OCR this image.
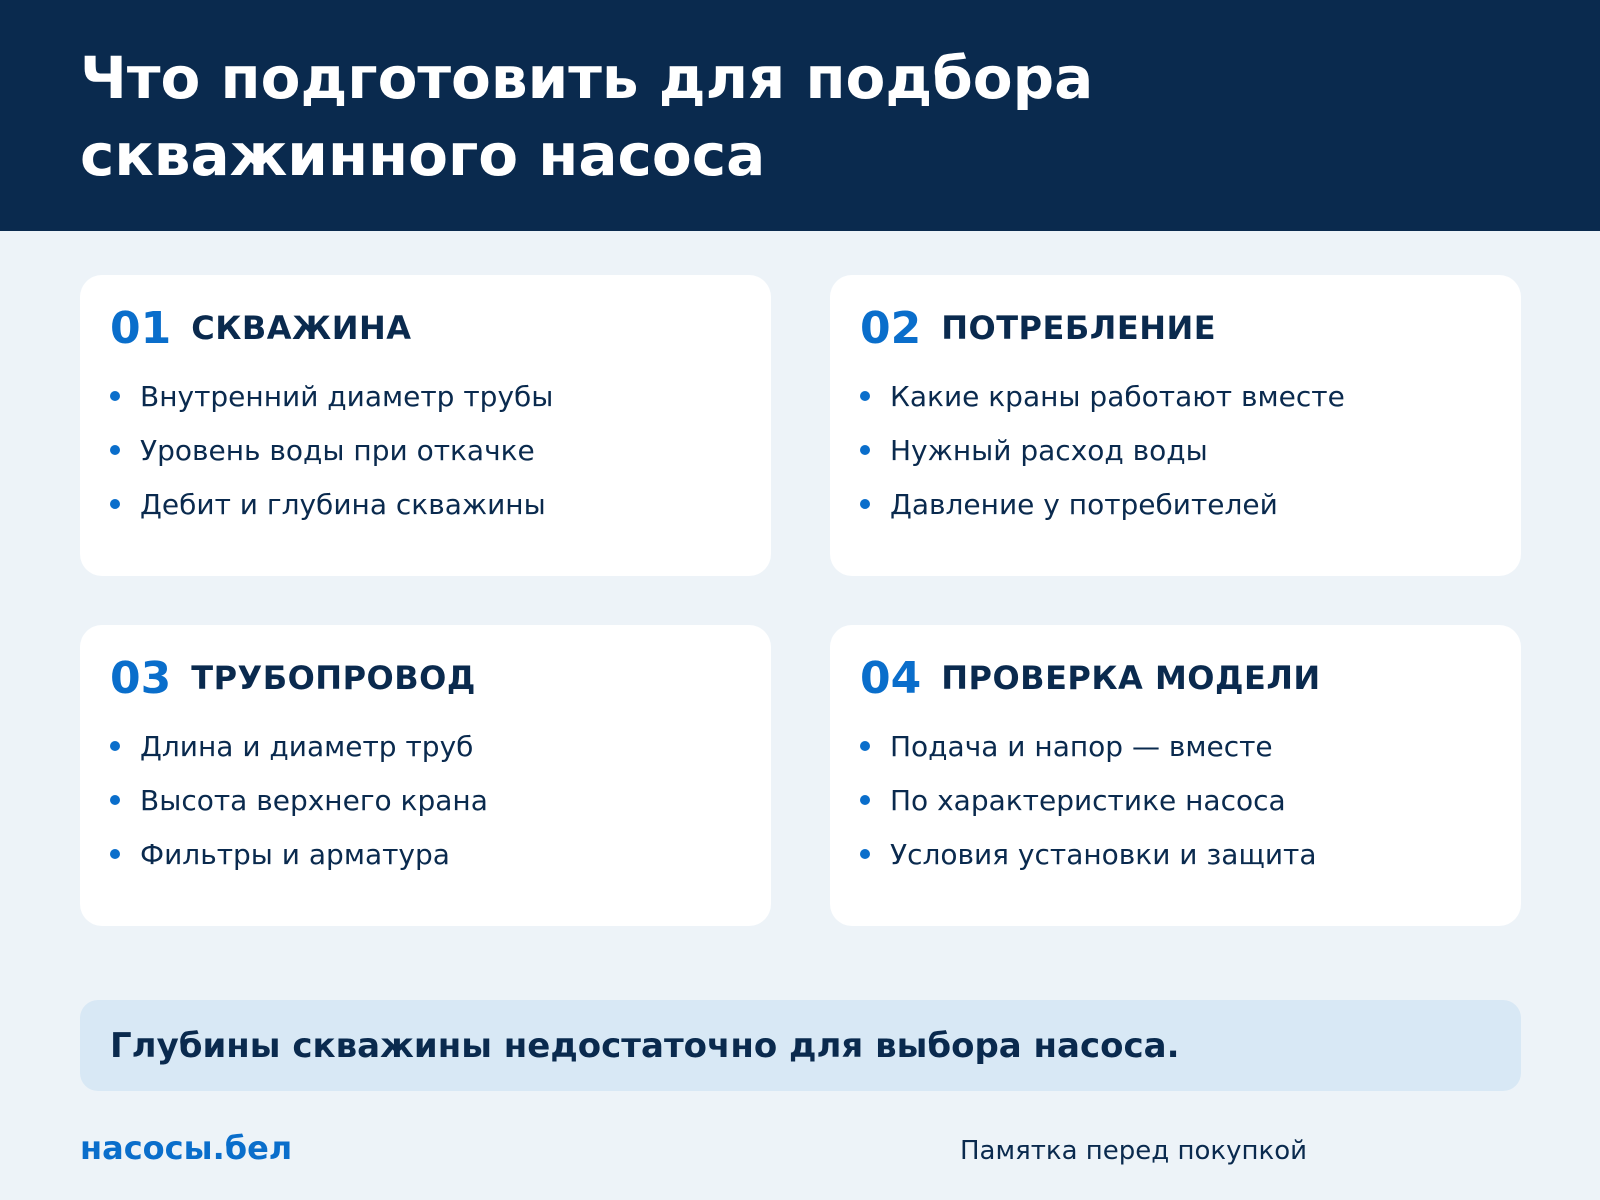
Что подготовить для подбора
скважинного насоса
01 СКВАЖИНА
Внутренний диаметр трубы
Уровень воды при откачке
Дебит и глубина скважины
02 ПОТРЕБЛЕНИЕ
Какие краны работают вместе
Нужный расход воды
Давление у потребителей
03 ТРУБОПРОВОД
Длина и диаметр труб
Высота верхнего крана
Фильтры и арматура
04 ПРОВЕРКА МОДЕЛИ
Подача и напор — вместе
По характеристике насоса
Условия установки и защита
Глубины скважины недостаточно для выбора насоса.
насосы.бел	Памятка перед покупкой
